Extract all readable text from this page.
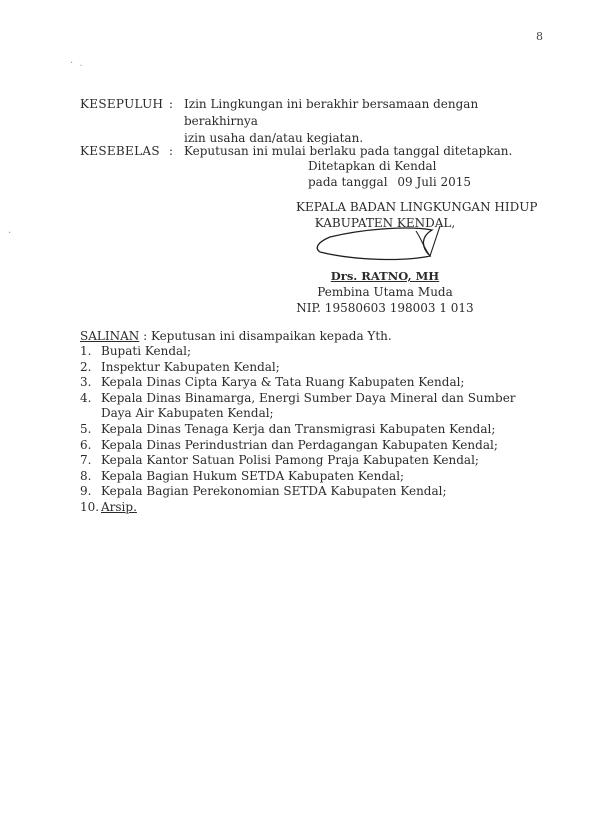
8
·  .
·
KESEPULUH : Izin Lingkungan ini berakhir bersamaan dengan berakhirnya
izin usaha dan/atau kegiatan.
KESEBELAS : Keputusan ini mulai berlaku pada tanggal ditetapkan.
Ditetapkan di Kendal
pada tanggal 09 Juli 2015
KEPALA BADAN LINGKUNGAN HIDUP
KABUPATEN KENDAL,
Drs. RATNO, MH
Pembina Utama Muda
NIP. 19580603 198003 1 013
SALINAN : Keputusan ini disampaikan kepada Yth.
1. Bupati Kendal;
2. Inspektur Kabupaten Kendal;
3. Kepala Dinas Cipta Karya & Tata Ruang Kabupaten Kendal;
4. Kepala Dinas Binamarga, Energi Sumber Daya Mineral dan Sumber Daya Air Kabupaten Kendal;
5. Kepala Dinas Tenaga Kerja dan Transmigrasi Kabupaten Kendal;
6. Kepala Dinas Perindustrian dan Perdagangan Kabupaten Kendal;
7. Kepala Kantor Satuan Polisi Pamong Praja Kabupaten Kendal;
8. Kepala Bagian Hukum SETDA Kabupaten Kendal;
9. Kepala Bagian Perekonomian SETDA Kabupaten Kendal;
10. Arsip.
